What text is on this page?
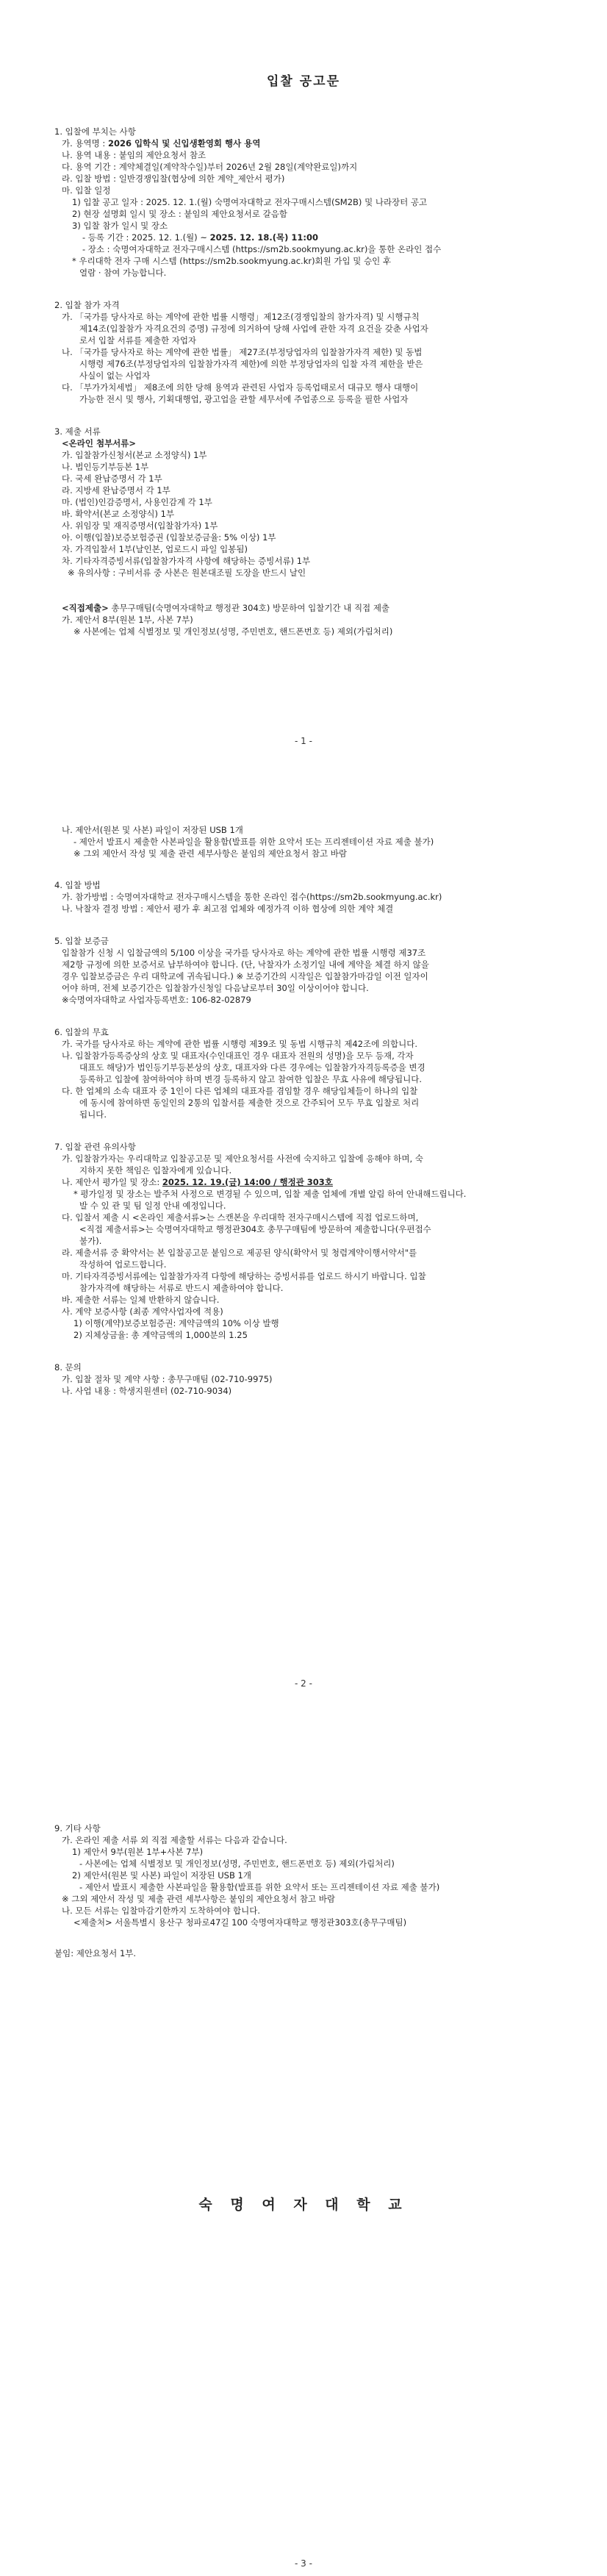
입찰 공고문
1. 입찰에 부치는 사항
가. 용역명 : 2026 입학식 및 신입생환영회 행사 용역
나. 용역 내용 : 붙임의 제안요청서 참조
다. 용역 기간 : 계약체결일(계약착수일)부터 2026년 2월 28일(계약완료일)까지
라. 입찰 방법 : 일반경쟁입찰(협상에 의한 계약_제안서 평가)
마. 입찰 일정
1) 입찰 공고 일자 : 2025. 12. 1.(월) 숙명여자대학교 전자구매시스템(SM2B) 및 나라장터 공고
2) 현장 설명회 일시 및 장소 : 붙임의 제안요청서로 갈음함
3) 입찰 참가 일시 및 장소
- 등록 기간 : 2025. 12. 1.(월) ~ 2025. 12. 18.(목) 11:00
- 장소 : 숙명여자대학교 전자구매시스템 (https://sm2b.sookmyung.ac.kr)을 통한 온라인 접수
* 우리대학 전자 구매 시스템 (https://sm2b.sookmyung.ac.kr)회원 가입 및 승인 후
열람 · 참여 가능합니다.
2. 입찰 참가 자격
가. 「국가를 당사자로 하는 계약에 관한 법률 시행령」제12조(경쟁입찰의 참가자격) 및 시행규칙
제14조(입찰참가 자격요건의 증명) 규정에 의거하여 당해 사업에 관한 자격 요건을 갖춘 사업자
로서 입찰 서류를 제출한 자업자
나. 「국가를 당사자로 하는 계약에 관한 법률」 제27조(부정당업자의 입찰참가자격 제한) 및 동법
시행령 제76조(부정당업자의 입찰참가자격 제한)에 의한 부정당업자의 입찰 자격 제한을 받은
사실이 없는 사업자
다. 「부가가치세법」 제8조에 의한 당해 용역과 관련된 사업자 등록업태로서 대규모 행사 대행이
가능한 전시 및 행사, 기획대행업, 광고업을 관할 세무서에 주업종으로 등록을 필한 사업자
3. 제출 서류
<온라인 첨부서류>
가. 입찰참가신청서(본교 소정양식) 1부
나. 법인등기부등본 1부
다. 국세 완납증명서 각 1부
라. 지방세 완납증명서 각 1부
마. (법인)인감증명서, 사용인감계 각 1부
바. 확약서(본교 소정양식) 1부
사. 위임장 및 재직증명서(입찰참가자) 1부
아. 이행(입찰)보증보험증권 (입찰보증금율: 5% 이상) 1부
자. 가격입찰서 1부(날인본, 업로드시 파일 입봉됨)
차. 기타자격증빙서류(입찰참가자격 사항에 해당하는 증빙서류) 1부
※ 유의사항 : 구비서류 중 사본은 원본대조필 도장을 반드시 날인
<직접제출> 총무구매팀(숙명여자대학교 행정관 304호) 방문하여 입찰기간 내 직접 제출
가. 제안서 8부(원본 1부, 사본 7부)
※ 사본에는 업체 식별정보 및 개인정보(성명, 주민번호, 핸드폰번호 등) 제외(가림처리)
나. 제안서(원본 및 사본) 파일이 저장된 USB 1개
- 제안서 발표시 제출한 사본파일을 활용함(발표를 위한 요약서 또는 프리젠테이션 자료 제출 불가)
※ 그외 제안서 작성 및 제출 관련 세부사항은 붙임의 제안요청서 참고 바람
4. 입찰 방법
가. 참가방법 : 숙명여자대학교 전자구매시스템을 통한 온라인 접수(https://sm2b.sookmyung.ac.kr)
나. 낙찰자 결정 방법 : 제안서 평가 후 최고점 업체와 예정가격 이하 협상에 의한 계약 체결
5. 입찰 보증금
입찰참가 신청 시 입찰금액의 5/100 이상을 국가를 당사자로 하는 계약에 관한 법률 시행령 제37조
제2항 규정에 의한 보증서로 납부하여야 합니다. (단, 낙찰자가 소정기일 내에 계약을 체결 하지 않을
경우 입찰보증금은 우리 대학교에 귀속됩니다.) ※ 보증기간의 시작일은 입찰참가마감일 이전 일자이
어야 하며, 전체 보증기간은 입찰참가신청일 다음날로부터 30일 이상이어야 합니다.
※숙명여자대학교 사업자등록번호: 106-82-02879
6. 입찰의 무효
가. 국가를 당사자로 하는 계약에 관한 법률 시행령 제39조 및 동법 시행규칙 제42조에 의합니다.
나. 입찰참가등록증상의 상호 및 대표자(수인대표인 경우 대표자 전원의 성명)을 모두 등재, 각자
대표도 해당)가 법인등기부등본상의 상호, 대표자와 다른 경우에는 입찰참가자격등록증을 변경
등록하고 입찰에 참여하여야 하며 변경 등록하지 않고 참여한 입찰은 무효 사유에 해당됩니다.
다. 한 업체의 소속 대표자 중 1인이 다른 업체의 대표자를 겸임할 경우 해당입체들이 하나의 입찰
에 동시에 참여하면 동일인의 2통의 입찰서를 제출한 것으로 간주되어 모두 무효 입찰로 처리
됩니다.
7. 입찰 관련 유의사항
가. 입찰참가자는 우리대학교 입찰공고문 및 제안요청서를 사전에 숙지하고 입찰에 응해야 하며, 숙
지하지 못한 책임은 입찰자에게 있습니다.
나. 제안서 평가일 및 장소: 2025. 12. 19.(금) 14:00 / 행정관 303호
* 평가일정 및 장소는 발주처 사정으로 변경될 수 있으며, 입찰 제출 업체에 개별 알림 하여 안내해드립니다.
발 수 있 관 및 팀 일정 안내 예정입니다.
다. 입찰서 제출 시 <온라인 제출서류>는 스캔본을 우리대학 전자구매시스템에 직접 업로드하며,
<직접 제출서류>는 숙명여자대학교 행정관304호 총무구매팀에 방문하여 제출합니다(우편접수
불가).
라. 제출서류 중 확약서는 본 입찰공고문 붙임으로 제공된 양식(확약서 및 청렴계약이행서약서"를
작성하여 업로드합니다.
마. 기타자격증빙서류에는 입찰참가자격 다항에 해당하는 증빙서류를 업로드 하시기 바랍니다. 입찰
참가자격에 해당하는 서류로 반드시 제출하여야 합니다.
바. 제출한 서류는 일체 반환하지 않습니다.
사. 계약 보증사항 (최종 계약사업자에 적용)
1) 이행(계약)보증보험증권: 계약금액의 10% 이상 발행
2) 지체상금율: 총 계약금액의 1,000분의 1.25
8. 문의
가. 입찰 절차 및 계약 사항 : 총무구매팀 (02-710-9975)
나. 사업 내용 : 학생지원센터 (02-710-9034)
9. 기타 사항
가. 온라인 제출 서류 외 직접 제출할 서류는 다음과 같습니다.
1) 제안서 9부(원본 1부+사본 7부)
- 사본에는 업체 식별정보 및 개인정보(성명, 주민번호, 핸드폰번호 등) 제외(가림처리)
2) 제안서(원본 및 사본) 파일이 저장된 USB 1개
- 제안서 발표시 제출한 사본파일을 활용함(발표를 위한 요약서 또는 프리젠테이션 자료 제출 불가)
※ 그외 제안서 작성 및 제출 관련 세부사항은 붙임의 제안요청서 참고 바람
나. 모든 서류는 입찰마감기한까지 도착하여야 합니다.
<제출처> 서울특별시 용산구 청파로47길 100 숙명여자대학교 행정관303호(총무구매팀)
붙임: 제안요청서 1부.
- 1 -
- 2 -
숙 명 여 자 대 학 교
- 3 -
